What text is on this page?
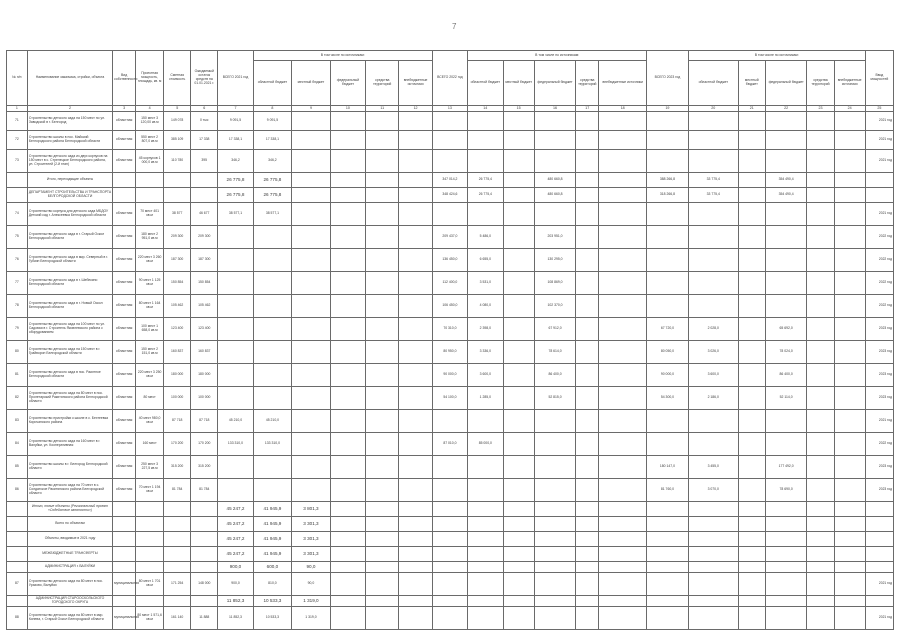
7
№ п/п	Наименование заказчика, стройки, объекта	Вид собственности	Проектная мощность, площадь, кв. м	Сметная стоимость	Ожидаемый остаток средств на 01.01.2021 г.	ВСЕГО 2021 год	В том числе по источникам:					ВСЕГО 2022 год	В том числе по источникам:					ВСЕГО 2023 год	В том числе по источникам:					Ввод мощностей
							областной бюджет	местный бюджет	федеральный бюджет	средства территорий	внебюджетные источники		областной бюджет	местный бюджет	федеральный бюджет	средства территорий	внебюджетные источники		областной бюджет	местный бюджет	федеральный бюджет	средства территорий	внебюджетные источники	
1	2	3	4	5	6	7	8	9	10	11	12	13	14	15	16	17	18	19	20	21	22	23	24	25
71	Строительство детского сада на 150 мест по ул. Заводской в г. Белгород	областная	150 мест 3 120,00 кв.м	149 078	0 тыс	9 091,5	9 091,5																	2021 год
72	Строительство школы в пос. Майский Белгородского района Белгородской области	областная	550 мест 2 807,0 кв.м	385 109	17 338	17 338,1	17 338,1																	2021 год
73	Строительство детского сада из двух корпусов на 150 мест в с. Стрелецкое Белгородского района, ул. Строителей (2-й этап)	областная	45 корпусов 1 000,0 кв.м	110 780	395	346,2	346,2																	2021 год
	Итого, переходящие объекты					26 775,8	26 775,8					347 014,2	26 775,4		480 660,8			388 266,8	33 775,4		354 490,4			
	ДЕПАРТАМЕНТ СТРОИТЕЛЬСТВА И ТРАНСПОРТА БЕЛГОРОДСКОЙ ОБЛАСТИ					26 775,8	26 775,8					348 424,6	26 775,4		480 660,8			318 266,8	33 775,4		354 490,4			
74	Строительство корпуса для детского сада МБДОУ Детский сад г. Алексеевка Белгородской области	областная	70 мест 401 кв.м	38 577	46 677	38 577,1	38 577,1																	2021 год
75	Строительство детского сада в г. Старый Оскол Белгородской области	областная	180 мест 2 951,0 кв.м	209 300	209 300							209 437,0	5 486,0		203 951,0									2022 год
76	Строительство детского сада в мкр. Северный в г. Губкин Белгородской области	областная	220 мест 3 260 кв.м	187 300	187 300							136 450,0	6 655,0		130 295,0									2022 год
77	Строительство детского сада в г. Шебекино Белгородской области	областная	90 мест 1 125 кв.м	150 854	150 854							112 400,0	3 531,0		108 869,0									2022 год
78	Строительство детского сада в г. Новый Оскол Белгородской области	областная	80 мест 1 164 кв.м	105 462	105 462							106 450,0	4 080,0		102 370,0									2022 год
79	Строительство детского сада на 100 мест по ул. Садовая в г. Строитель Яковлевского района с оборудованием	областная	100 мест 1 658,0 кв.м	123 400	123 400							70 310,0	2 398,0		67 912,0			67 720,0	2 028,0		65 692,0			2023 год
80	Строительство детского сада на 150 мест в г. Грайворон Белгородской области	областная	150 мест 2 151,0 кв.м	160 837	160 837							80 950,0	3 336,0		78 614,0			80 050,0	3 026,0		78 024,0			2023 год
81	Строительство детского сада в пос. Ракитное Белгородской области	областная	220 мест 3 250 кв.м	180 000	180 000							90 000,0	3 600,0		86 400,0			90 000,0	3 600,0		86 400,0			2023 год
82	Строительство детского сада на 80 мест в пос. Пролетарский Ракитянского района Белгородской области	областная	80 мест	100 000	100 000							54 100,0	1 285,0		52 815,0			54 300,0	2 186,0		52 114,0			2023 год
83	Строительство пристройки к школе в с. Бехтеевка Корочанского района	областная	40 мест 980,0 кв.м	87 718	87 718	45 210,0	45 210,0																	2021 год
84	Строительство детского сада на 160 мест в г. Валуйки, ул. Кооперативная	областная	160 мест	170 200	170 200	133 310,0	133 310,0					87 010,0	85 000,0											2022 год
85	Строительство школы в г. Белгород Белгородской области	областная	250 мест 3 227,5 кв.м	315 200	315 200													180 147,0	3 455,0		177 492,0			2023 год
86	Строительство детского сада на 70 мест в с. Солдатское Ракитянского района Белгородской области	областная	70 мест 1 194 кв.м	81 784	81 784													81 760,0	3 070,0		78 690,0			2023 год
	Итого, новые объекты (Региональный проект «Содействие занятости»)					45 247,2	41 945,9	3 801,3																
	Всего по объектам					45 247,2	41 945,9	3 301,3																
	Объекты, вводимые в 2021 году					45 247,2	41 945,9	3 301,3																
	МЕЖБЮДЖЕТНЫЕ ТРАНСФЕРТЫ					45 247,2	41 945,9	3 301,3																
	АДМИНИСТРАЦИЯ г. ВАЛУЙКИ					900,0	600,0	90,0																
87	Строительство детского сада на 80 мест в пос. Уразово, Валуйки	муниципальная	80 мест 1 701 кв.м	171 254	148 000	900,0	810,0	90,0																2021 год
	АДМИНИСТРАЦИЯ СТАРООСКОЛЬСКОГО ГОРОДСКОГО ОКРУГА					11 852,3	10 533,3	1 319,0																
88	Строительство детского сада на 80 мест в мкр. Конева, г. Старый Оскол Белгородской области	муниципальная	80 мест 1 571,6 кв.м	161 140	11 888	11 852,3	10 533,3	1 319,0																2021 год
